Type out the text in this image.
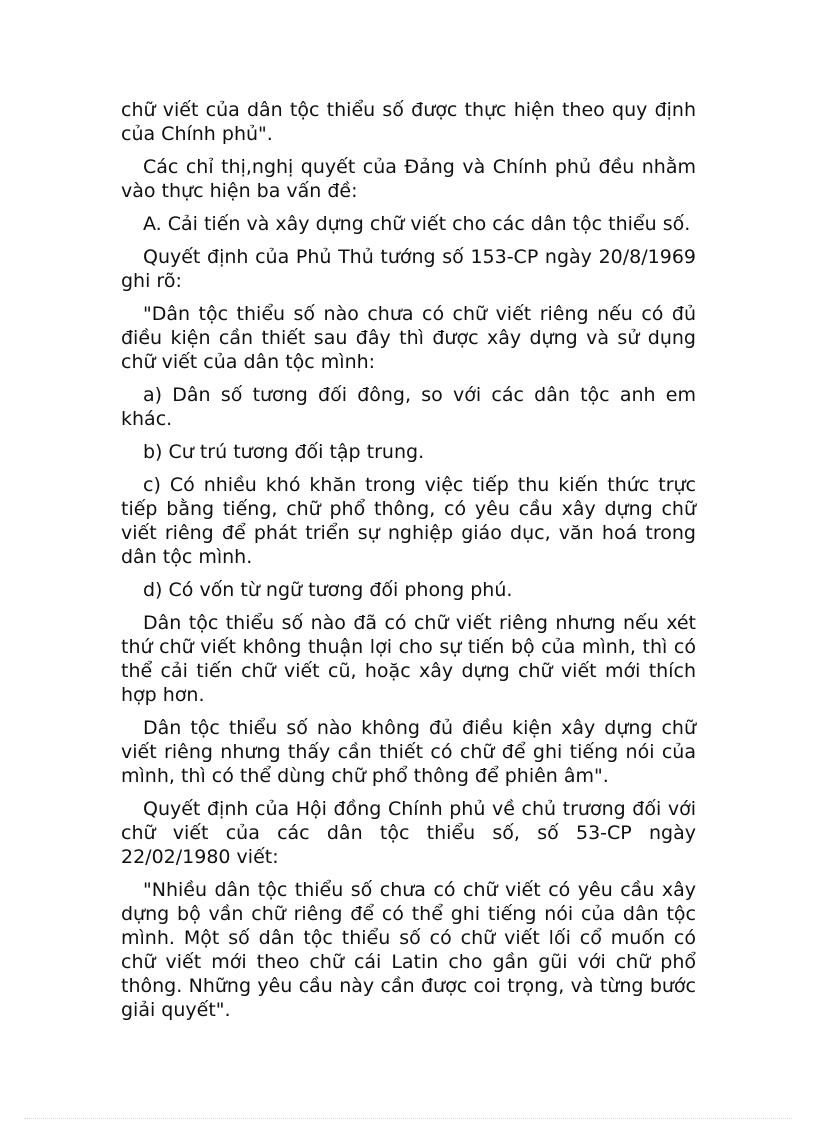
chữ viết của dân tộc thiểu số được thực hiện theo quy định của Chính phủ".

Các chỉ thị,nghị quyết của Đảng và Chính phủ đều nhằm vào thực hiện ba vấn đề:

A. Cải tiến và xây dựng chữ viết cho các dân tộc thiểu số.

Quyết định của Phủ Thủ tướng số 153-CP ngày 20/8/1969 ghi rõ:

"Dân tộc thiểu số nào chưa có chữ viết riêng nếu có đủ điều kiện cần thiết sau đây thì được xây dựng và sử dụng chữ viết của dân tộc mình:

a) Dân số tương đối đông, so với các dân tộc anh em khác.

b) Cư trú tương đối tập trung.

c) Có nhiều khó khăn trong việc tiếp thu kiến thức trực tiếp bằng tiếng, chữ phổ thông, có yêu cầu xây dựng chữ viết riêng để phát triển sự nghiệp giáo dục, văn hoá trong dân tộc mình.

d) Có vốn từ ngữ tương đối phong phú.

Dân tộc thiểu số nào đã có chữ viết riêng nhưng nếu xét thứ chữ viết không thuận lợi cho sự tiến bộ của mình, thì có thể cải tiến chữ viết cũ, hoặc xây dựng chữ viết mới thích hợp hơn.

Dân tộc thiểu số nào không đủ điều kiện xây dựng chữ viết riêng nhưng thấy cần thiết có chữ để ghi tiếng nói của mình, thì có thể dùng chữ phổ thông để phiên âm".

Quyết định của Hội đồng Chính phủ về chủ trương đối với chữ viết của các dân tộc thiểu số, số 53-CP ngày 22/02/1980 viết:

"Nhiều dân tộc thiểu số chưa có chữ viết có yêu cầu xây dựng bộ vần chữ riêng để có thể ghi tiếng nói của dân tộc mình. Một số dân tộc thiểu số có chữ viết lối cổ muốn có chữ viết mới theo chữ cái Latin cho gần gũi với chữ phổ thông. Những yêu cầu này cần được coi trọng, và từng bước giải quyết".
